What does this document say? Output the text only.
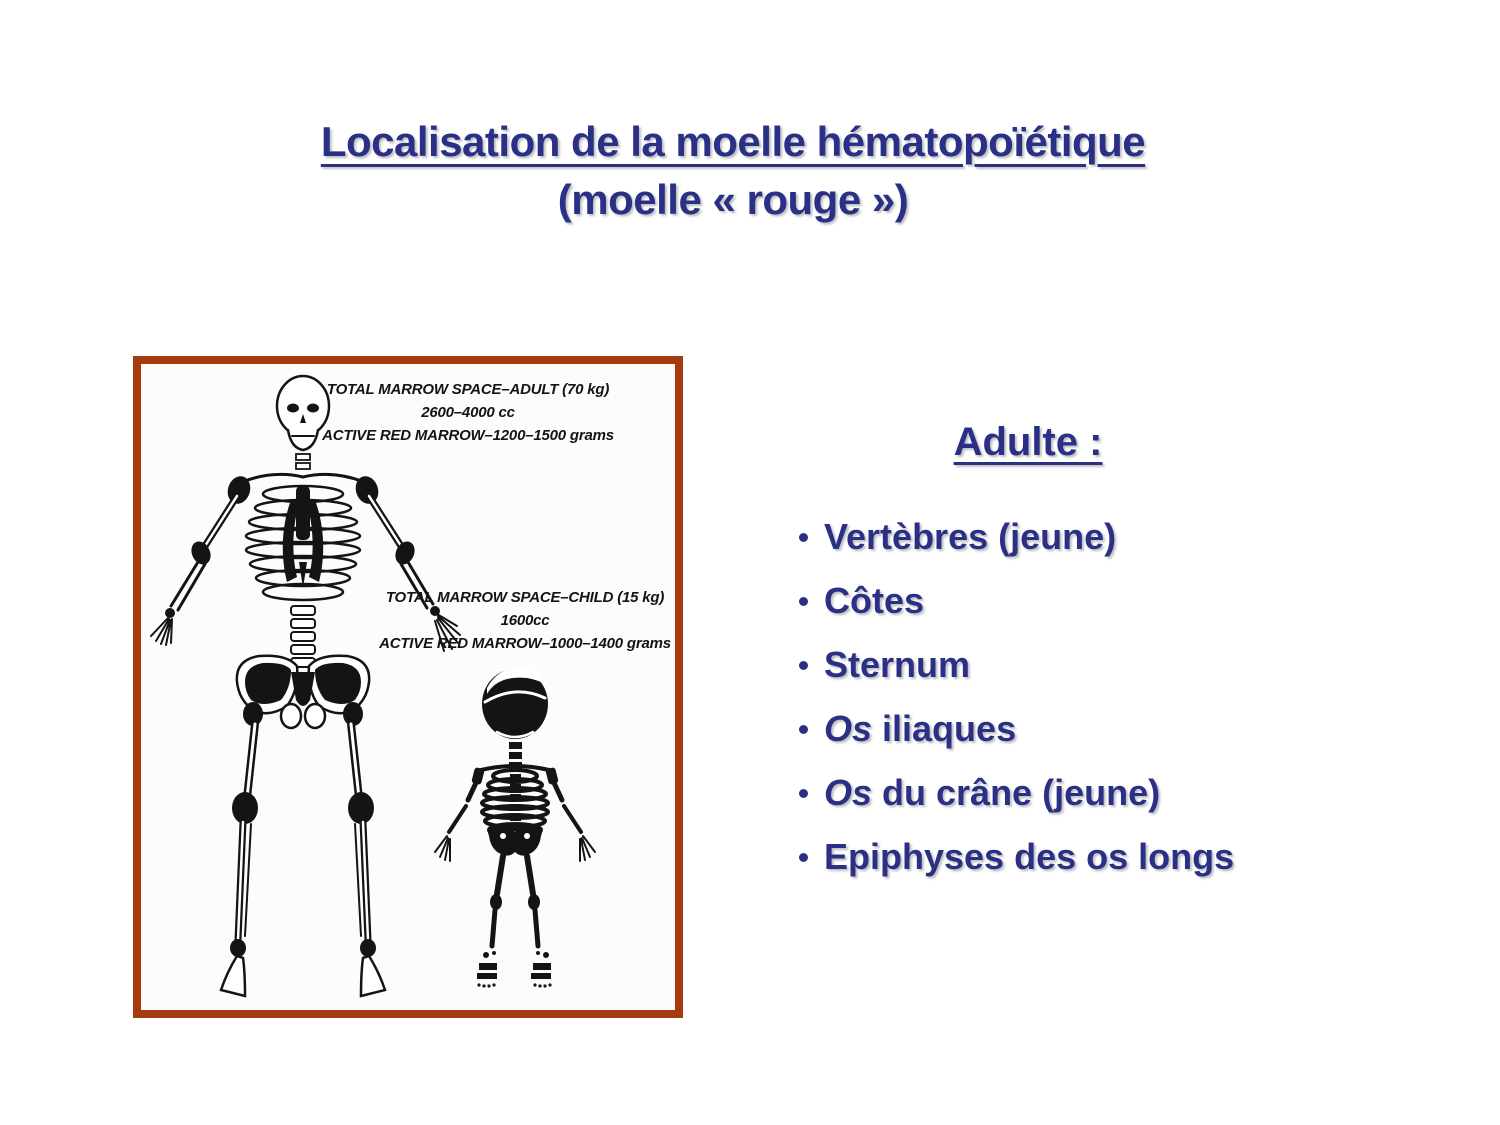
Localisation de la moelle hématopoïétique
(moelle « rouge »)
TOTAL MARROW SPACE–ADULT (70 kg)
2600–4000 cc
ACTIVE RED MARROW–1200–1500 grams
TOTAL MARROW SPACE–CHILD (15 kg)
1600cc
ACTIVE RED MARROW–1000–1400 grams
Adulte :
Vertèbres (jeune)
Côtes
Sternum
Os iliaques
Os du crâne (jeune)
Epiphyses des os longs
